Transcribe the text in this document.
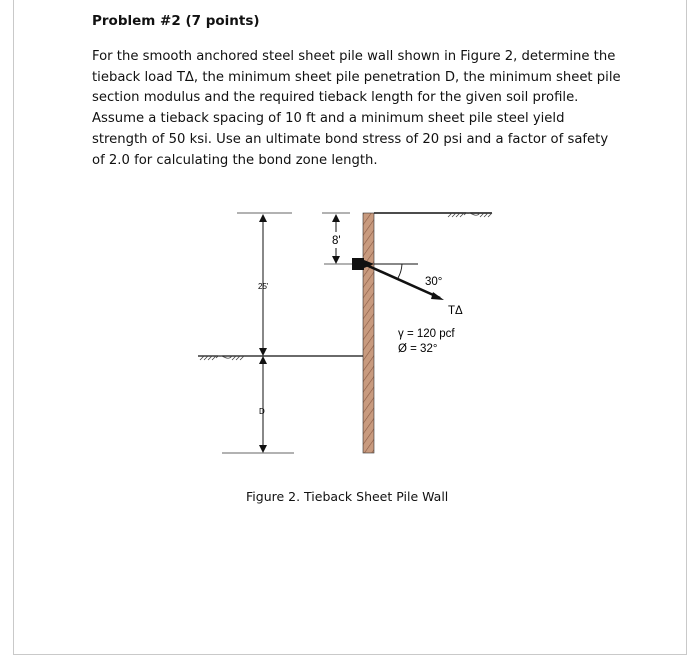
Problem #2 (7 points)

For the smooth anchored steel sheet pile wall shown in Figure 2, determine the
tieback load TΔ, the minimum sheet pile penetration D, the minimum sheet pile
section modulus and the required tieback length for the given soil profile.
Assume a tieback spacing of 10 ft and a minimum sheet pile steel yield
strength of 50 ksi. Use an ultimate bond stress of 20 psi and a factor of safety
of 2.0 for calculating the bond zone length.

8'
25'
D
30°
TΔ
γ = 120 pcf
Ø = 32°
Figure 2. Tieback Sheet Pile Wall
